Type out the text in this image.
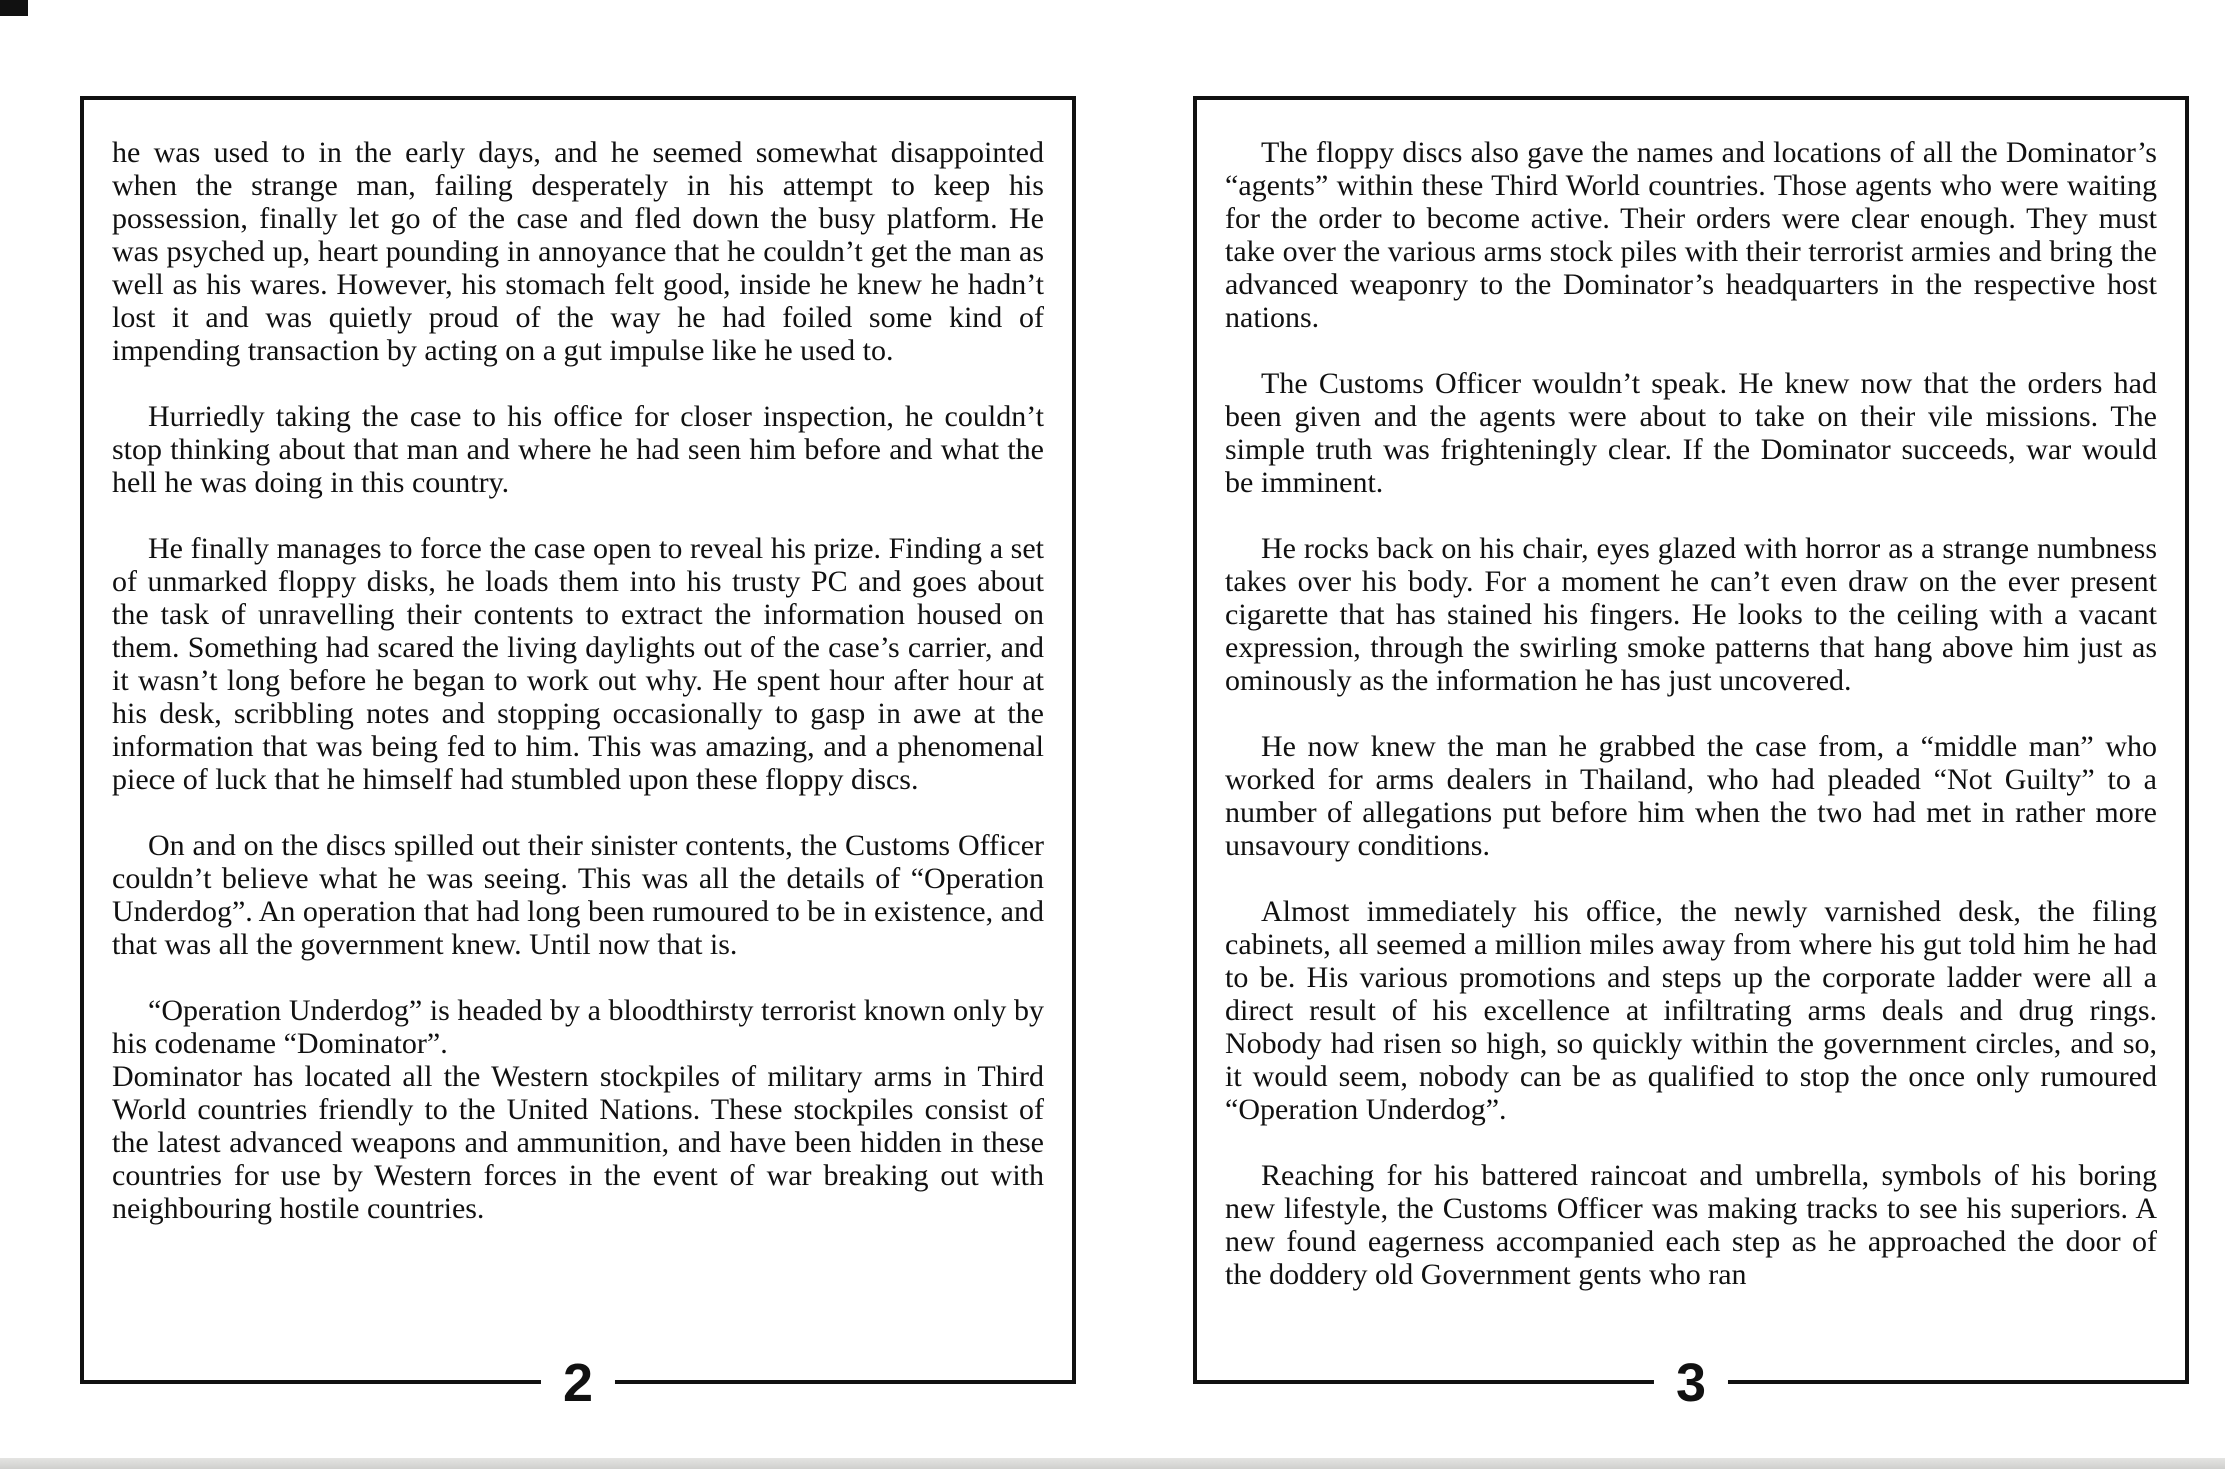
he was used to in the early days, and he seemed somewhat disappointed when the strange man, failing desperately in his attempt to keep his possession, finally let go of the case and fled down the busy platform. He was psyched up, heart pounding in annoyance that he couldn’t get the man as well as his wares. However, his stomach felt good, inside he knew he hadn’t lost it and was quietly proud of the way he had foiled some kind of impending transaction by acting on a gut impulse like he used to.

Hurriedly taking the case to his office for closer inspection, he couldn’t stop thinking about that man and where he had seen him before and what the hell he was doing in this country.

He finally manages to force the case open to reveal his prize. Finding a set of unmarked floppy disks, he loads them into his trusty PC and goes about the task of unravelling their contents to extract the information housed on them. Something had scared the living daylights out of the case’s carrier, and it wasn’t long before he began to work out why. He spent hour after hour at his desk, scribbling notes and stopping occasionally to gasp in awe at the information that was being fed to him. This was amazing, and a phenomenal piece of luck that he himself had stumbled upon these floppy discs.

On and on the discs spilled out their sinister contents, the Customs Officer couldn’t believe what he was seeing. This was all the details of “Operation Underdog”. An operation that had long been rumoured to be in existence, and that was all the government knew. Until now that is.

“Operation Underdog” is headed by a bloodthirsty terrorist known only by his codename “Dominator”.

Dominator has located all the Western stockpiles of military arms in Third World countries friendly to the United Nations. These stockpiles consist of the latest advanced weapons and ammunition, and have been hidden in these countries for use by Western forces in the event of war breaking out with neighbouring hostile countries.

2

The floppy discs also gave the names and locations of all the Dominator’s “agents” within these Third World countries. Those agents who were waiting for the order to become active. Their orders were clear enough. They must take over the various arms stock piles with their terrorist armies and bring the advanced weaponry to the Dominator’s headquarters in the respective host nations.

The Customs Officer wouldn’t speak. He knew now that the orders had been given and the agents were about to take on their vile missions. The simple truth was frighteningly clear. If the Dominator succeeds, war would be imminent.

He rocks back on his chair, eyes glazed with horror as a strange numbness takes over his body. For a moment he can’t even draw on the ever present cigarette that has stained his fingers. He looks to the ceiling with a vacant expression, through the swirling smoke patterns that hang above him just as ominously as the information he has just uncovered.

He now knew the man he grabbed the case from, a “middle man” who worked for arms dealers in Thailand, who had pleaded “Not Guilty” to a number of allegations put before him when the two had met in rather more unsavoury conditions.

Almost immediately his office, the newly varnished desk, the filing cabinets, all seemed a million miles away from where his gut told him he had to be. His various promotions and steps up the corporate ladder were all a direct result of his excellence at infiltrating arms deals and drug rings. Nobody had risen so high, so quickly within the government circles, and so, it would seem, nobody can be as qualified to stop the once only rumoured “Operation Underdog”.

Reaching for his battered raincoat and umbrella, symbols of his boring new lifestyle, the Customs Officer was making tracks to see his superiors. A new found eagerness accompanied each step as he approached the door of the doddery old Government gents who ran

3
